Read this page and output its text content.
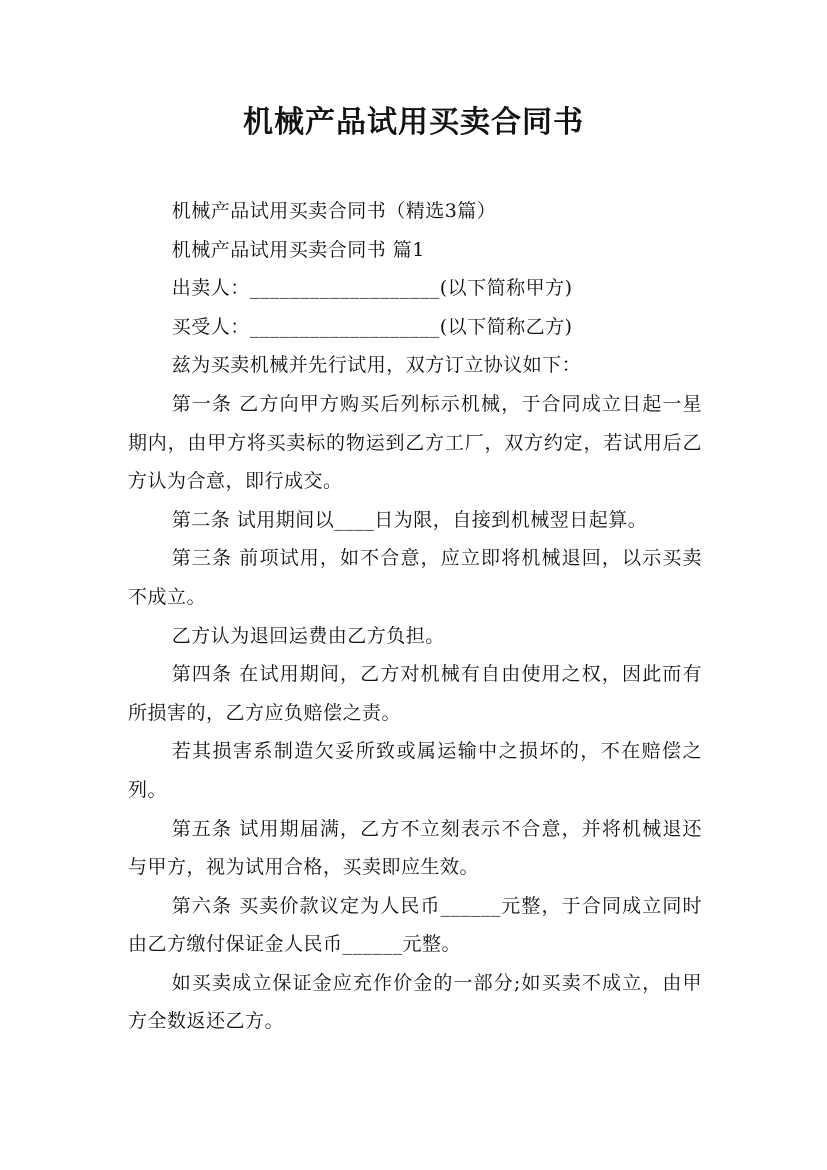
机械产品试用买卖合同书

机械产品试用买卖合同书（精选3篇）

机械产品试用买卖合同书 篇1

出卖人：___________________(以下简称甲方)

买受人：___________________(以下简称乙方)

兹为买卖机械并先行试用，双方订立协议如下：

第一条 乙方向甲方购买后列标示机械，于合同成立日起一星期内，由甲方将买卖标的物运到乙方工厂，双方约定，若试用后乙方认为合意，即行成交。

第二条 试用期间以____日为限，自接到机械翌日起算。

第三条 前项试用，如不合意，应立即将机械退回，以示买卖不成立。

乙方认为退回运费由乙方负担。

第四条 在试用期间，乙方对机械有自由使用之权，因此而有所损害的，乙方应负赔偿之责。

若其损害系制造欠妥所致或属运输中之损坏的，不在赔偿之列。

第五条 试用期届满，乙方不立刻表示不合意，并将机械退还与甲方，视为试用合格，买卖即应生效。

第六条 买卖价款议定为人民币______元整，于合同成立同时由乙方缴付保证金人民币______元整。

如买卖成立保证金应充作价金的一部分;如买卖不成立，由甲方全数返还乙方。
